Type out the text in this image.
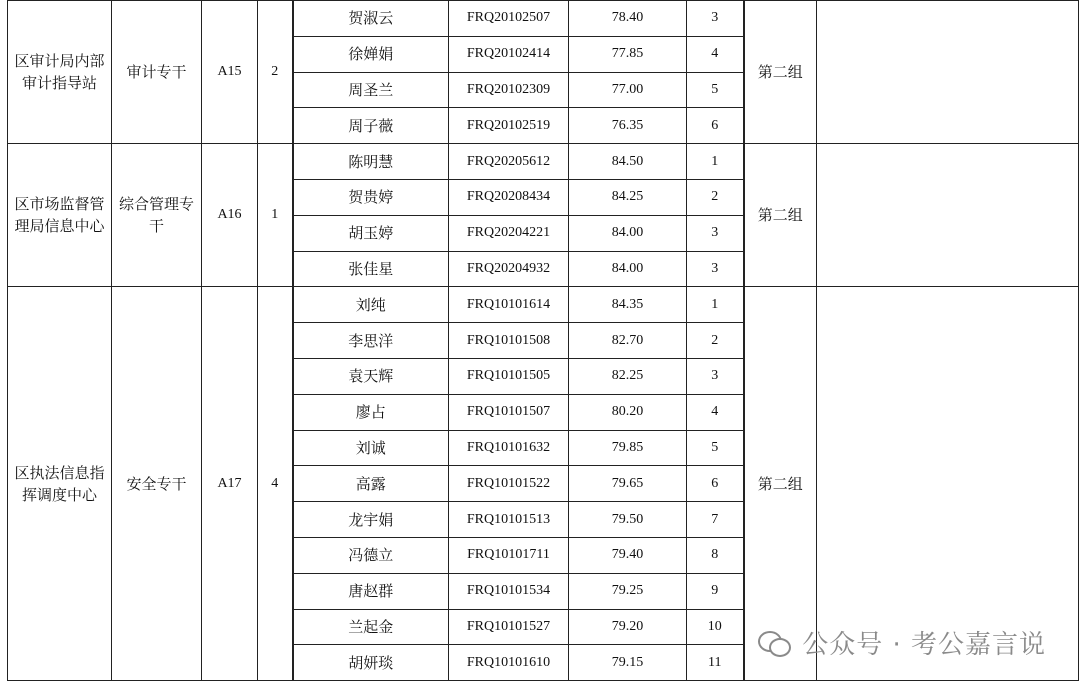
区审计局内部审计指导站	审计专干	A15	2	贺淑云	FRQ20102507	78.40	3	第二组	
				徐婵娟	FRQ20102414	77.85	4		
				周圣兰	FRQ20102309	77.00	5		
				周子薇	FRQ20102519	76.35	6		
区市场监督管理局信息中心	综合管理专干	A16	1	陈明慧	FRQ20205612	84.50	1	第二组	
				贺贵婷	FRQ20208434	84.25	2		
				胡玉婷	FRQ20204221	84.00	3		
				张佳星	FRQ20204932	84.00	3		
区执法信息指挥调度中心	安全专干	A17	4	刘纯	FRQ10101614	84.35	1	第二组	
				李思洋	FRQ10101508	82.70	2		
				袁天辉	FRQ10101505	82.25	3		
				廖占	FRQ10101507	80.20	4		
				刘诚	FRQ10101632	79.85	5		
				高露	FRQ10101522	79.65	6		
				龙宇娟	FRQ10101513	79.50	7		
				冯德立	FRQ10101711	79.40	8		
				唐赵群	FRQ10101534	79.25	9		
				兰起金	FRQ10101527	79.20	10		
				胡妍琰	FRQ10101610	79.15	11		
公众号 · 考公嘉言说
